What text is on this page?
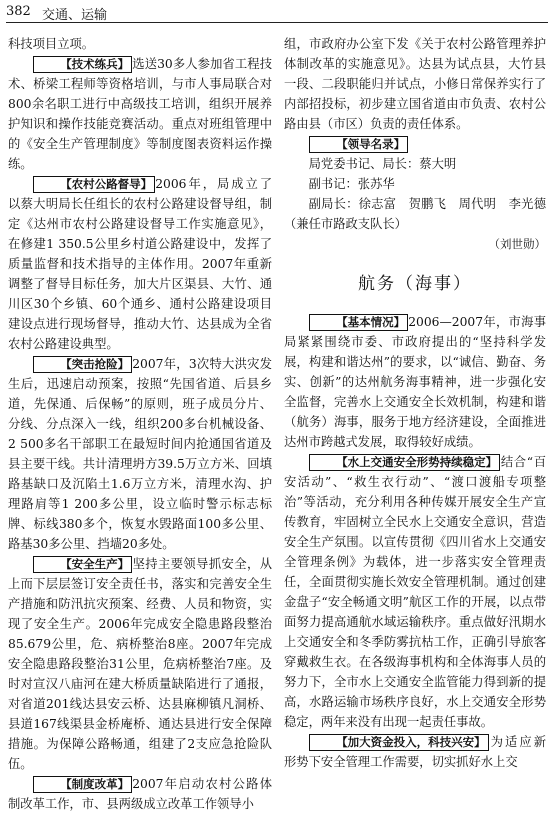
382 交通、运输

科技项目立项。

【技术练兵】 选送30多人参加省工程技术、桥梁工程师等资格培训，与市人事局联合对800余名职工进行中高级技工培训，组织开展养护知识和操作技能竞赛活动。重点对班组管理中的《安全生产管理制度》等制度图表资料运作操练。

【农村公路督导】 2006年，局成立了以蔡大明局长任组长的农村公路建设督导组，制定《达州市农村公路建设督导工作实施意见》，在修建1 350.5公里乡村道公路建设中，发挥了质量监督和技术指导的主体作用。2007年重新调整了督导目标任务，加大片区渠县、大竹、通川区30个乡镇、60个通乡、通村公路建设项目建设点进行现场督导，推动大竹、达县成为全省农村公路建设典型。

【突击抢险】 2007年，3次特大洪灾发生后，迅速启动预案，按照“先国省道、后县乡道，先保通、后保畅”的原则，班子成员分片、分线、分点深入一线，组织200多台机械设备、2 500多名干部职工在最短时间内抢通国省道及县主要干线。共计清理坍方39.5万立方米、回填路基缺口及沉陷土1.6万立方米，清理水沟、护理路肩等1 200多公里，设立临时警示标志标牌、标线380多个，恢复水毁路面100多公里、路基30多公里、挡墙20多处。

【安全生产】 坚持主要领导抓安全，从上而下层层签订安全责任书，落实和完善安全生产措施和防汛抗灾预案、经费、人员和物资，实现了安全生产。2006年完成安全隐患路段整治85.679公里，危、病桥整治8座。2007年完成安全隐患路段整治31公里，危病桥整治7座。及时对宣汉八庙河在建大桥质量缺陷进行了通报，对省道201线达县安云桥、达县麻柳镇凡洞桥、县道167线渠县金桥庵桥、通达县进行安全保障措施。为保障公路畅通，组建了2支应急抢险队伍。

【制度改革】 2007年启动农村公路体制改革工作，市、县两级成立改革工作领导小

组，市政府办公室下发《关于农村公路管理养护体制改革的实施意见》。达县为试点县，大竹县一段、二段职能归并试点，小修日常保养实行了内部招投标，初步建立国省道由市负责、农村公路由县（市区）负责的责任体系。

【领导名录】

局党委书记、局长：蔡大明

副书记：张苏华

副局长：徐志富　贺鹏飞　周代明　李光德（兼任市路政支队长）

（刘世勋）

航务（海事）

【基本情况】 2006—2007年，市海事局紧紧围绕市委、市政府提出的“坚持科学发展，构建和谐达州”的要求，以“诚信、勤奋、务实、创新”的达州航务海事精神，进一步强化安全监督，完善水上交通安全长效机制，构建和谐（航务）海事，服务于地方经济建设，全面推进达州市跨越式发展，取得较好成绩。

【水上交通安全形势持续稳定】 结合“百安活动”、“救生衣行动”、“渡口渡船专项整治”等活动，充分利用各种传媒开展安全生产宣传教育，牢固树立全民水上交通安全意识，营造安全生产氛围。以宣传贯彻《四川省水上交通安全管理条例》为载体，进一步落实安全管理责任，全面贯彻实施长效安全管理机制。通过创建金盘子“安全畅通文明”航区工作的开展，以点带面努力提高通航水域运输秩序。重点做好汛期水上交通安全和冬季防雾抗枯工作，正确引导旅客穿戴救生衣。在各级海事机构和全体海事人员的努力下，全市水上交通安全监管能力得到新的提高，水路运输市场秩序良好，水上交通安全形势稳定，两年来没有出现一起责任事故。

【加大资金投入，科技兴安】 为适应新形势下安全管理工作需要，切实抓好水上交
